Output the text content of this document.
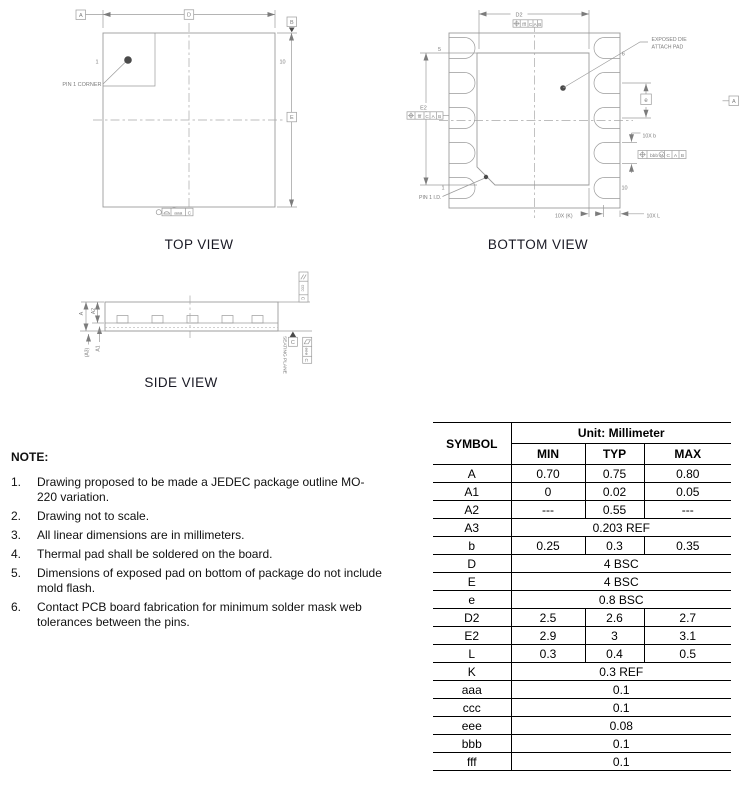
PIN 1 CORNER
A	D
B
E
1	10
aaa C
EXPOSED DIE
ATTACH PAD
D2
fff C A B
E2
fff C A B
e
10X b
bbb M C A B
10X (K)	10X L
5
6
1	10
PIN 1 I.D.
A
A A2
(A3) A1
ccc
C
C
SEATING PLANE	eee
C
TOP VIEW	BOTTOM VIEW
SIDE VIEW
NOTE:
1.	Drawing proposed to be made a JEDEC package outline MO-
220 variation.
2.	Drawing not to scale.
3.	All linear dimensions are in millimeters.
4.	Thermal pad shall be soldered on the board.
5.	Dimensions of exposed pad on bottom of package do not include
mold flash.
6.	Contact PCB board fabrication for minimum solder mask web
tolerances between the pins.
SYMBOL	Unit: Millimeter		
	MIN	TYP	MAX
A	0.70	0.75	0.80
A1	0	0.02	0.05
A2	---	0.55	---
A3	0.203 REF		
b	0.25	0.3	0.35
D	4 BSC		
E	4 BSC		
e	0.8 BSC		
D2	2.5	2.6	2.7
E2	2.9	3	3.1
L	0.3	0.4	0.5
K	0.3 REF		
aaa	0.1		
ccc	0.1		
eee	0.08		
bbb	0.1		
fff	0.1		
